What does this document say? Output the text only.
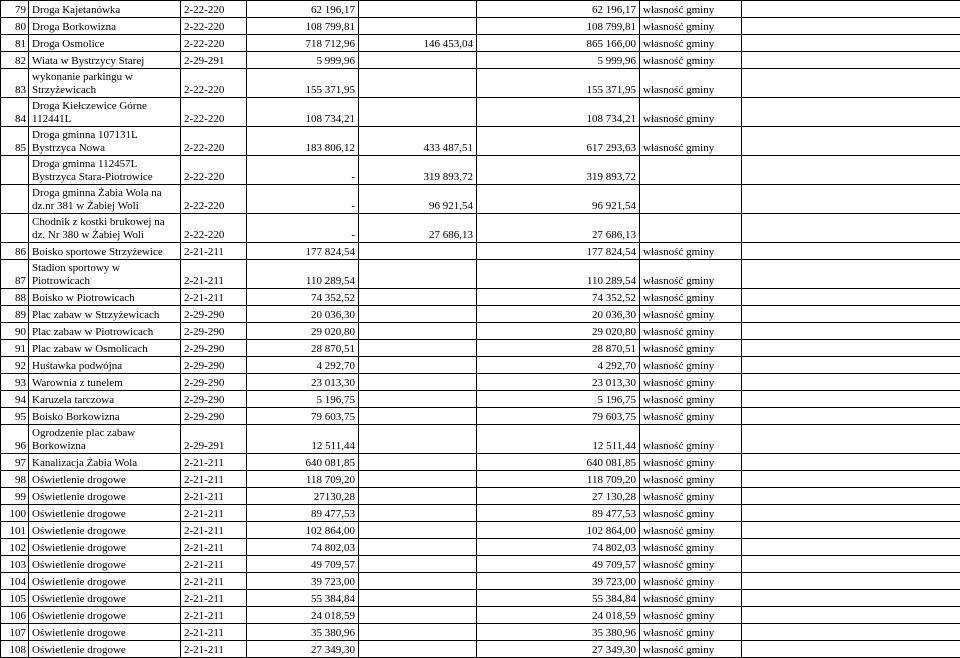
79	Droga Kajetanówka	2-22-220	62 196,17		62 196,17	własność gminy	
80	Droga Borkowizna	2-22-220	108 799,81		108 799,81	własność gminy	
81	Droga Osmolice	2-22-220	718 712,96	146 453,04	865 166,00	własność gminy	
82	Wiata w Bystrzycy Starej	2-29-291	5 999,96		5 999,96	własność gminy	
83	wykonanie parkingu w Strzyżewicach	2-22-220	155 371,95		155 371,95	własność gminy	
84	Droga Kiełczewice Górne 112441L	2-22-220	108 734,21		108 734,21	własność gminy	
85	Droga gminna 107131L Bystrzyca Nowa	2-22-220	183 806,12	433 487,51	617 293,63	własność gminy	
	Droga gminna 112457L Bystrzyca Stara-Piotrowice	2-22-220	-	319 893,72	319 893,72		
	Droga gminna Żabia Wola na dz.nr 381 w Żabiej Woli	2-22-220	-	96 921,54	96 921,54		
	Chodnik z kostki brukowej na dz. Nr 380 w Żabiej Woli	2-22-220	-	27 686,13	27 686,13		
86	Boisko sportowe Strzyżewice	2-21-211	177 824,54		177 824,54	własność gminy	
87	Stadion sportowy w Piotrowicach	2-21-211	110 289,54		110 289,54	własność gminy	
88	Boisko w Piotrowicach	2-21-211	74 352,52		74 352,52	własność gminy	
89	Plac zabaw w Strzyżewicach	2-29-290	20 036,30		20 036,30	własność gminy	
90	Plac zabaw w Piotrowicach	2-29-290	29 020,80		29 020,80	własność gminy	
91	Plac zabaw w Osmolicach	2-29-290	28 870,51		28 870,51	własność gminy	
92	Huśtawka podwójna	2-29-290	4 292,70		4 292,70	własność gminy	
93	Warownia z tunelem	2-29-290	23 013,30		23 013,30	własność gminy	
94	Karuzela tarczowa	2-29-290	5 196,75		5 196,75	własność gminy	
95	Boisko Borkowizna	2-29-290	79 603,75		79 603,75	własność gminy	
96	Ogrodzenie plac zabaw Borkowizna	2-29-291	12 511,44		12 511,44	własność gminy	
97	Kanalizacja Żabia Wola	2-21-211	640 081,85		640 081,85	własność gminy	
98	Oświetlenie drogowe	2-21-211	118 709,20		118 709,20	własność gminy	
99	Oświetlenie drogowe	2-21-211	27130,28		27 130,28	własność gminy	
100	Oświetlenie drogowe	2-21-211	89 477,53		89 477,53	własność gminy	
101	Oświetlenie drogowe	2-21-211	102 864,00		102 864,00	własność gminy	
102	Oświetlenie drogowe	2-21-211	74 802,03		74 802,03	własność gminy	
103	Oświetlenie drogowe	2-21-211	49 709,57		49 709,57	własność gminy	
104	Oświetlenie drogowe	2-21-211	39 723,00		39 723,00	własność gminy	
105	Oświetlenie drogowe	2-21-211	55 384,84		55 384,84	własność gminy	
106	Oświetlenie drogowe	2-21-211	24 018,59		24 018,59	własność gminy	
107	Oświetlenie drogowe	2-21-211	35 380,96		35 380,96	własność gminy	
108	Oświetlenie drogowe	2-21-211	27 349,30		27 349,30	własność gminy	
